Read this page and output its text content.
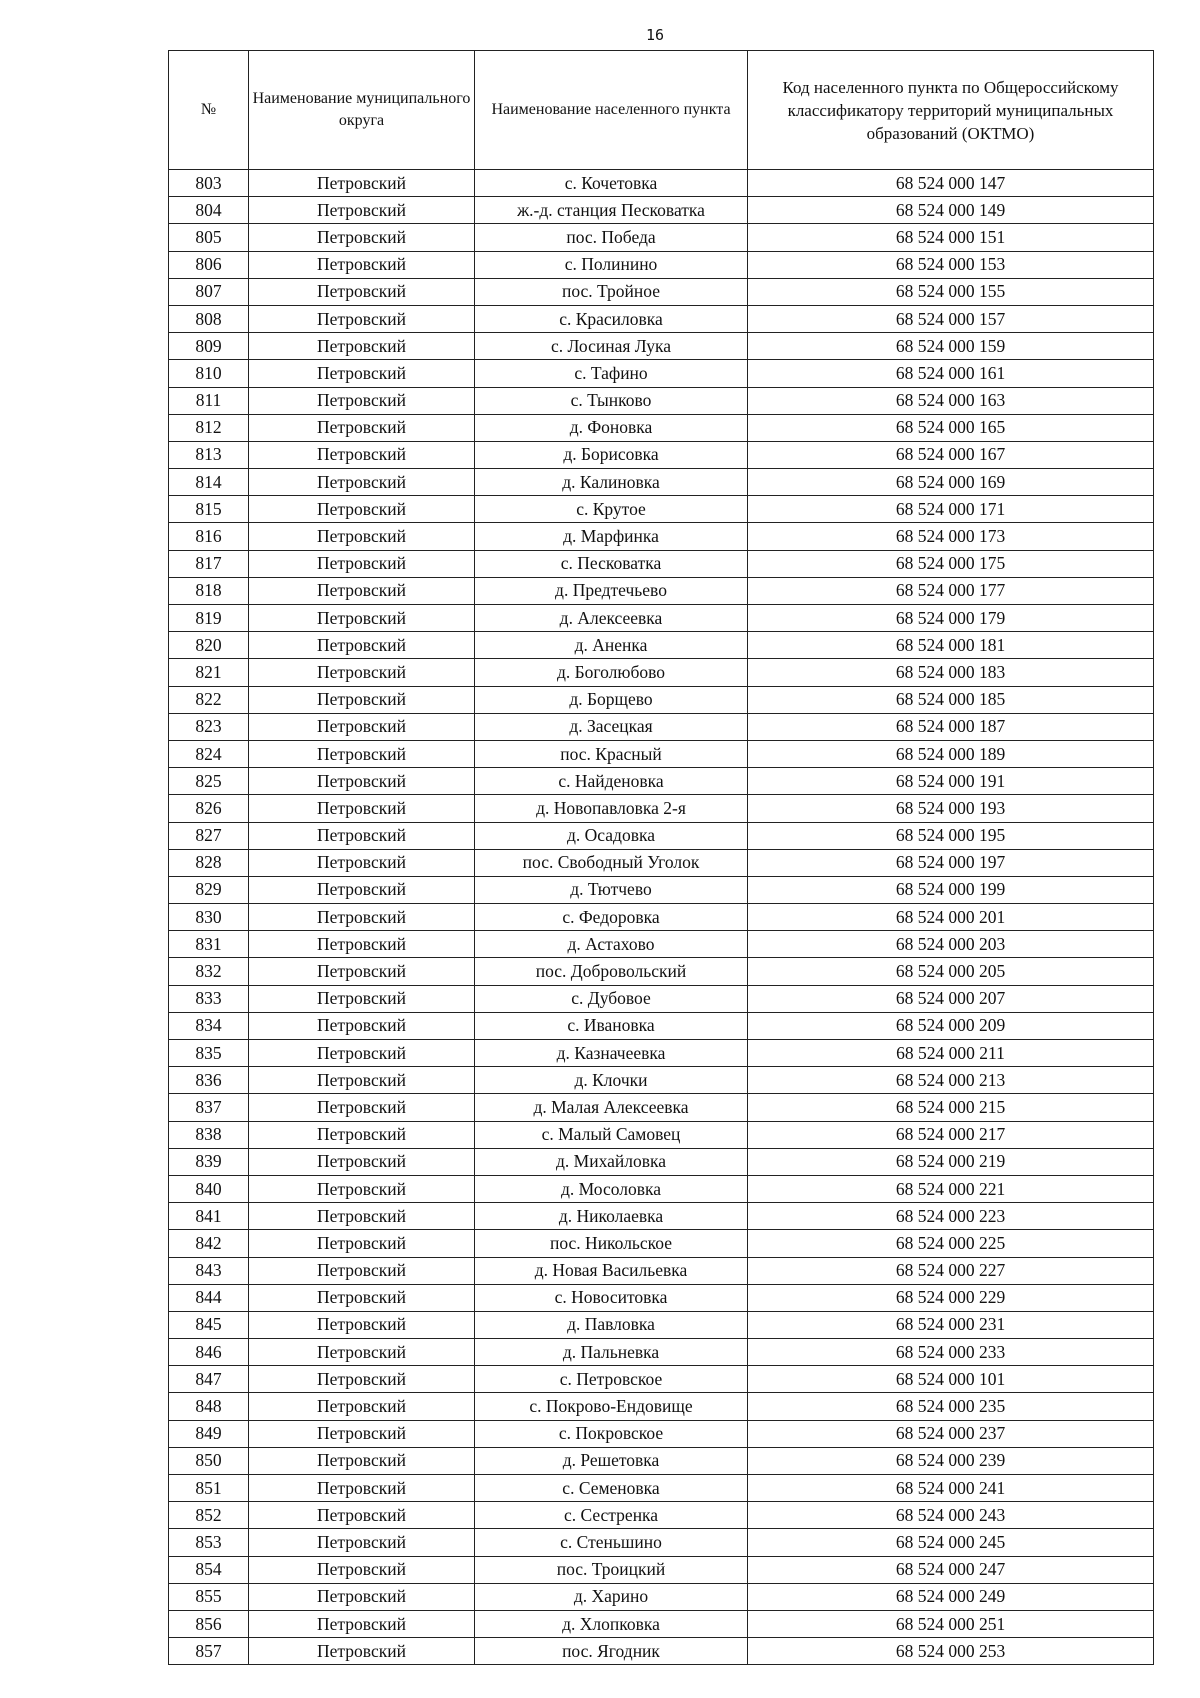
16
№	Наименование муниципального округа	Наименование населенного пункта	Код населенного пункта по Общероссийскому классификатору территорий муниципальных образований (ОКТМО)
803	Петровский	с. Кочетовка	68 524 000 147
804	Петровский	ж.-д. станция Песковатка	68 524 000 149
805	Петровский	пос. Победа	68 524 000 151
806	Петровский	с. Полинино	68 524 000 153
807	Петровский	пос. Тройное	68 524 000 155
808	Петровский	с. Красиловка	68 524 000 157
809	Петровский	с. Лосиная Лука	68 524 000 159
810	Петровский	с. Тафино	68 524 000 161
811	Петровский	с. Тынково	68 524 000 163
812	Петровский	д. Фоновка	68 524 000 165
813	Петровский	д. Борисовка	68 524 000 167
814	Петровский	д. Калиновка	68 524 000 169
815	Петровский	с. Крутое	68 524 000 171
816	Петровский	д. Марфинка	68 524 000 173
817	Петровский	с. Песковатка	68 524 000 175
818	Петровский	д. Предтечьево	68 524 000 177
819	Петровский	д. Алексеевка	68 524 000 179
820	Петровский	д. Аненка	68 524 000 181
821	Петровский	д. Боголюбово	68 524 000 183
822	Петровский	д. Борщево	68 524 000 185
823	Петровский	д. Засецкая	68 524 000 187
824	Петровский	пос. Красный	68 524 000 189
825	Петровский	с. Найденовка	68 524 000 191
826	Петровский	д. Новопавловка 2-я	68 524 000 193
827	Петровский	д. Осадовка	68 524 000 195
828	Петровский	пос. Свободный Уголок	68 524 000 197
829	Петровский	д. Тютчево	68 524 000 199
830	Петровский	с. Федоровка	68 524 000 201
831	Петровский	д. Астахово	68 524 000 203
832	Петровский	пос. Добровольский	68 524 000 205
833	Петровский	с. Дубовое	68 524 000 207
834	Петровский	с. Ивановка	68 524 000 209
835	Петровский	д. Казначеевка	68 524 000 211
836	Петровский	д. Клочки	68 524 000 213
837	Петровский	д. Малая Алексеевка	68 524 000 215
838	Петровский	с. Малый Самовец	68 524 000 217
839	Петровский	д. Михайловка	68 524 000 219
840	Петровский	д. Мосоловка	68 524 000 221
841	Петровский	д. Николаевка	68 524 000 223
842	Петровский	пос. Никольское	68 524 000 225
843	Петровский	д. Новая Васильевка	68 524 000 227
844	Петровский	с. Новоситовка	68 524 000 229
845	Петровский	д. Павловка	68 524 000 231
846	Петровский	д. Пальневка	68 524 000 233
847	Петровский	с. Петровское	68 524 000 101
848	Петровский	с. Покрово-Ендовище	68 524 000 235
849	Петровский	с. Покровское	68 524 000 237
850	Петровский	д. Решетовка	68 524 000 239
851	Петровский	с. Семеновка	68 524 000 241
852	Петровский	с. Сестренка	68 524 000 243
853	Петровский	с. Стеньшино	68 524 000 245
854	Петровский	пос. Троицкий	68 524 000 247
855	Петровский	д. Харино	68 524 000 249
856	Петровский	д. Хлопковка	68 524 000 251
857	Петровский	пос. Ягодник	68 524 000 253
